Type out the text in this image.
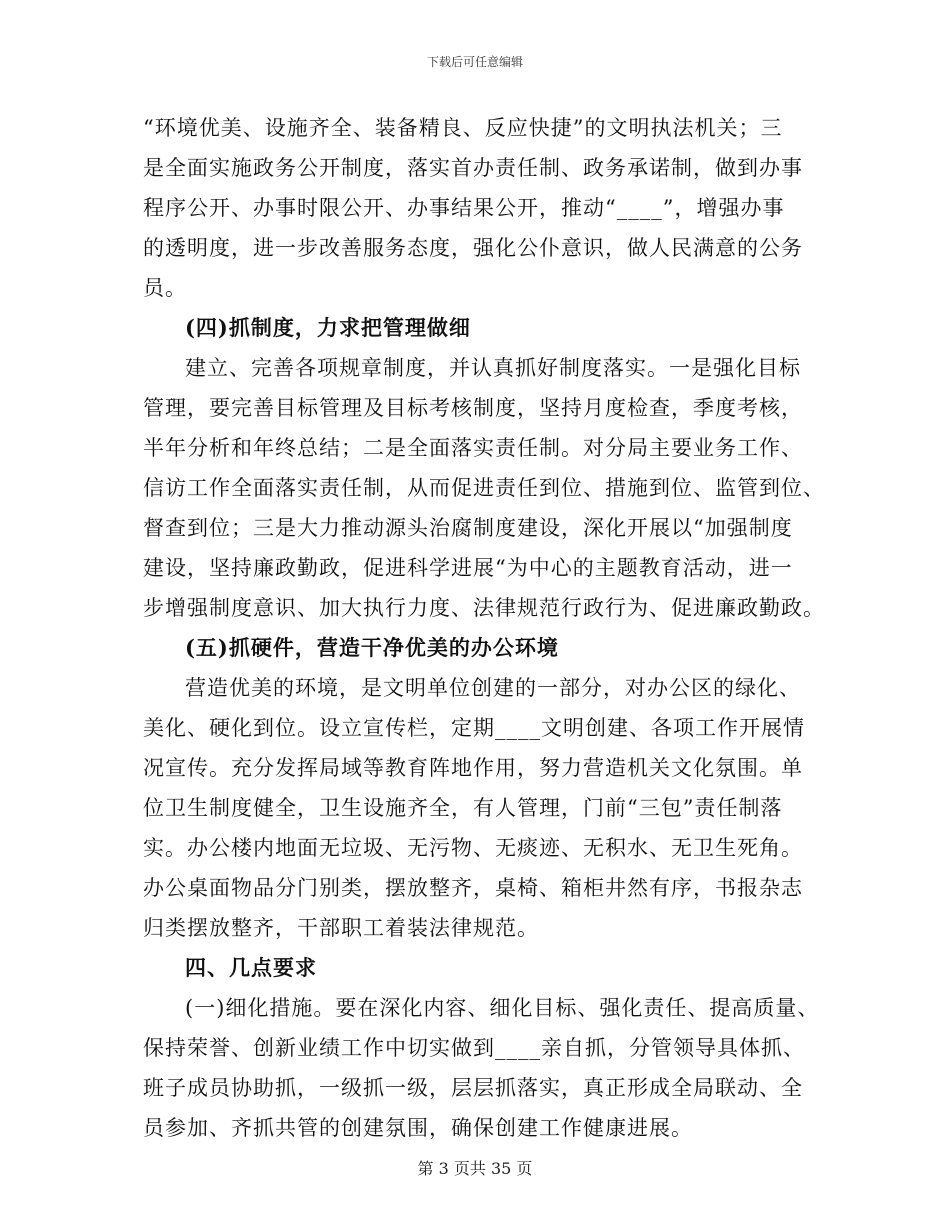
下载后可任意编辑
“环境优美、设施齐全、装备精良、反应快捷”的文明执法机关；三
是全面实施政务公开制度，落实首办责任制、政务承诺制，做到办事
程序公开、办事时限公开、办事结果公开，推动“____”，增强办事
的透明度，进一步改善服务态度，强化公仆意识，做人民满意的公务
员。
(四)抓制度，力求把管理做细
建立、完善各项规章制度，并认真抓好制度落实。一是强化目标
管理，要完善目标管理及目标考核制度，坚持月度检查，季度考核，
半年分析和年终总结；二是全面落实责任制。对分局主要业务工作、
信访工作全面落实责任制，从而促进责任到位、措施到位、监管到位、
督查到位；三是大力推动源头治腐制度建设，深化开展以“加强制度
建设，坚持廉政勤政，促进科学进展“为中心的主题教育活动，进一
步增强制度意识、加大执行力度、法律规范行政行为、促进廉政勤政。
(五)抓硬件，营造干净优美的办公环境
营造优美的环境，是文明单位创建的一部分，对办公区的绿化、
美化、硬化到位。设立宣传栏，定期____文明创建、各项工作开展情
况宣传。充分发挥局域等教育阵地作用，努力营造机关文化氛围。单
位卫生制度健全，卫生设施齐全，有人管理，门前“三包”责任制落
实。办公楼内地面无垃圾、无污物、无痰迹、无积水、无卫生死角。
办公桌面物品分门别类，摆放整齐，桌椅、箱柜井然有序，书报杂志
归类摆放整齐，干部职工着装法律规范。
四、几点要求
(一)细化措施。要在深化内容、细化目标、强化责任、提高质量、
保持荣誉、创新业绩工作中切实做到____亲自抓，分管领导具体抓、
班子成员协助抓，一级抓一级，层层抓落实，真正形成全局联动、全
员参加、齐抓共管的创建氛围，确保创建工作健康进展。
第 3 页共 35 页
